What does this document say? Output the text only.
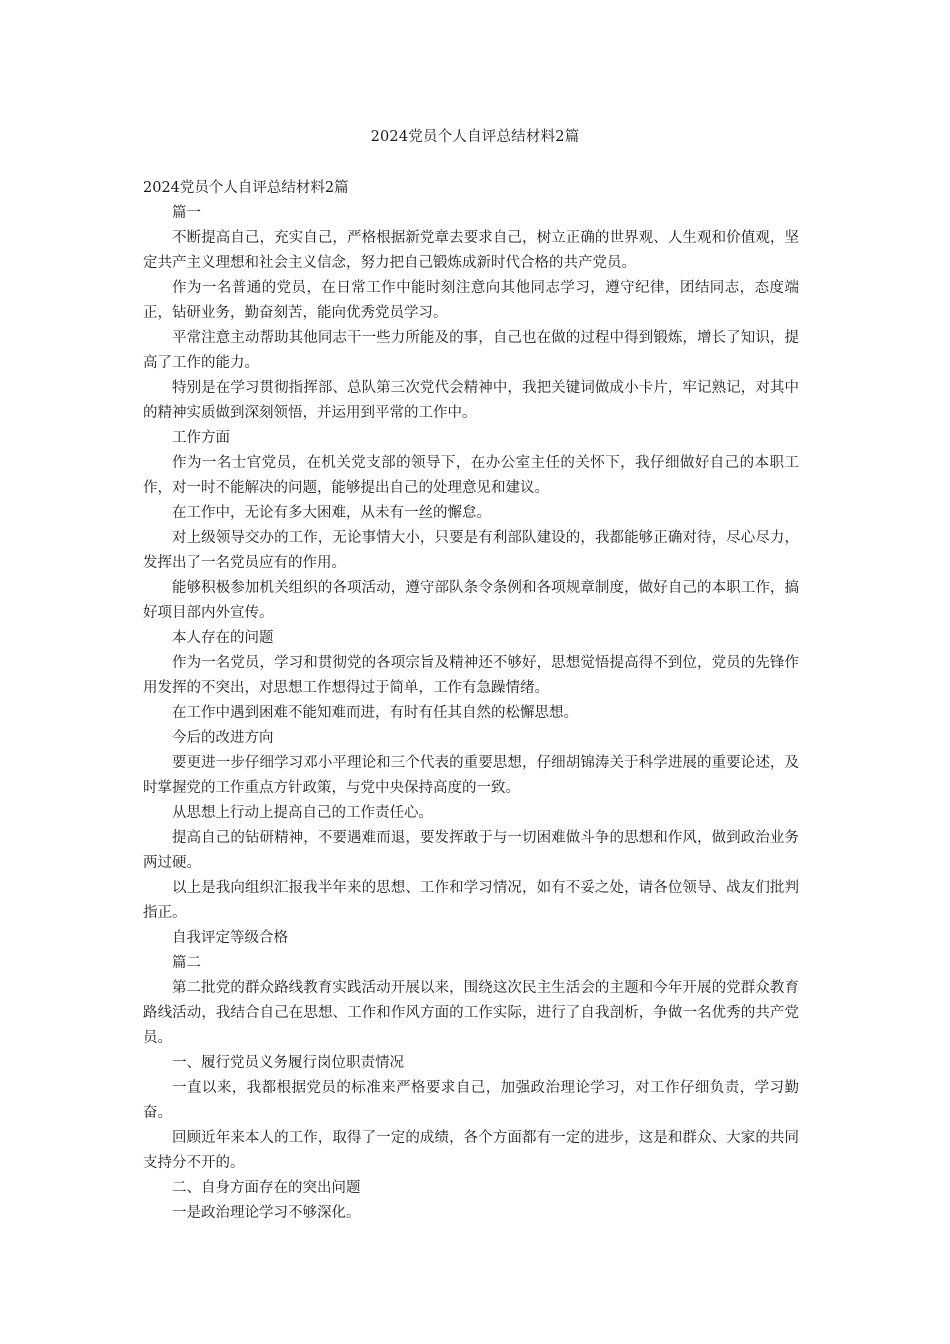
2024党员个人自评总结材料2篇

2024党员个人自评总结材料2篇

篇一

不断提高自己，充实自己，严格根据新党章去要求自己，树立正确的世界观、人生观和价值观，坚定共产主义理想和社会主义信念，努力把自己锻炼成新时代合格的共产党员。

作为一名普通的党员，在日常工作中能时刻注意向其他同志学习，遵守纪律，团结同志，态度端正，钻研业务，勤奋刻苦，能向优秀党员学习。

平常注意主动帮助其他同志干一些力所能及的事，自己也在做的过程中得到锻炼，增长了知识，提高了工作的能力。

特别是在学习贯彻指挥部、总队第三次党代会精神中，我把关键词做成小卡片，牢记熟记，对其中的精神实质做到深刻领悟，并运用到平常的工作中。

工作方面

作为一名士官党员，在机关党支部的领导下，在办公室主任的关怀下，我仔细做好自己的本职工作，对一时不能解决的问题，能够提出自己的处理意见和建议。

在工作中，无论有多大困难，从未有一丝的懈怠。

对上级领导交办的工作，无论事情大小，只要是有利部队建设的，我都能够正确对待，尽心尽力，发挥出了一名党员应有的作用。

能够积极参加机关组织的各项活动，遵守部队条令条例和各项规章制度，做好自己的本职工作，搞好项目部内外宣传。

本人存在的问题

作为一名党员，学习和贯彻党的各项宗旨及精神还不够好，思想觉悟提高得不到位，党员的先锋作用发挥的不突出，对思想工作想得过于简单，工作有急躁情绪。

在工作中遇到困难不能知难而进，有时有任其自然的松懈思想。

今后的改进方向

要更进一步仔细学习邓小平理论和三个代表的重要思想，仔细胡锦涛关于科学进展的重要论述，及时掌握党的工作重点方针政策，与党中央保持高度的一致。

从思想上行动上提高自己的工作责任心。

提高自己的钻研精神，不要遇难而退，要发挥敢于与一切困难做斗争的思想和作风，做到政治业务两过硬。

以上是我向组织汇报我半年来的思想、工作和学习情况，如有不妥之处，请各位领导、战友们批判指正。

自我评定等级合格

篇二

第二批党的群众路线教育实践活动开展以来，围绕这次民主生活会的主题和今年开展的党群众教育路线活动，我结合自己在思想、工作和作风方面的工作实际，进行了自我剖析，争做一名优秀的共产党员。

一、履行党员义务履行岗位职责情况

一直以来，我都根据党员的标准来严格要求自己，加强政治理论学习，对工作仔细负责，学习勤奋。

回顾近年来本人的工作，取得了一定的成绩，各个方面都有一定的进步，这是和群众、大家的共同支持分不开的。

二、自身方面存在的突出问题

一是政治理论学习不够深化。
